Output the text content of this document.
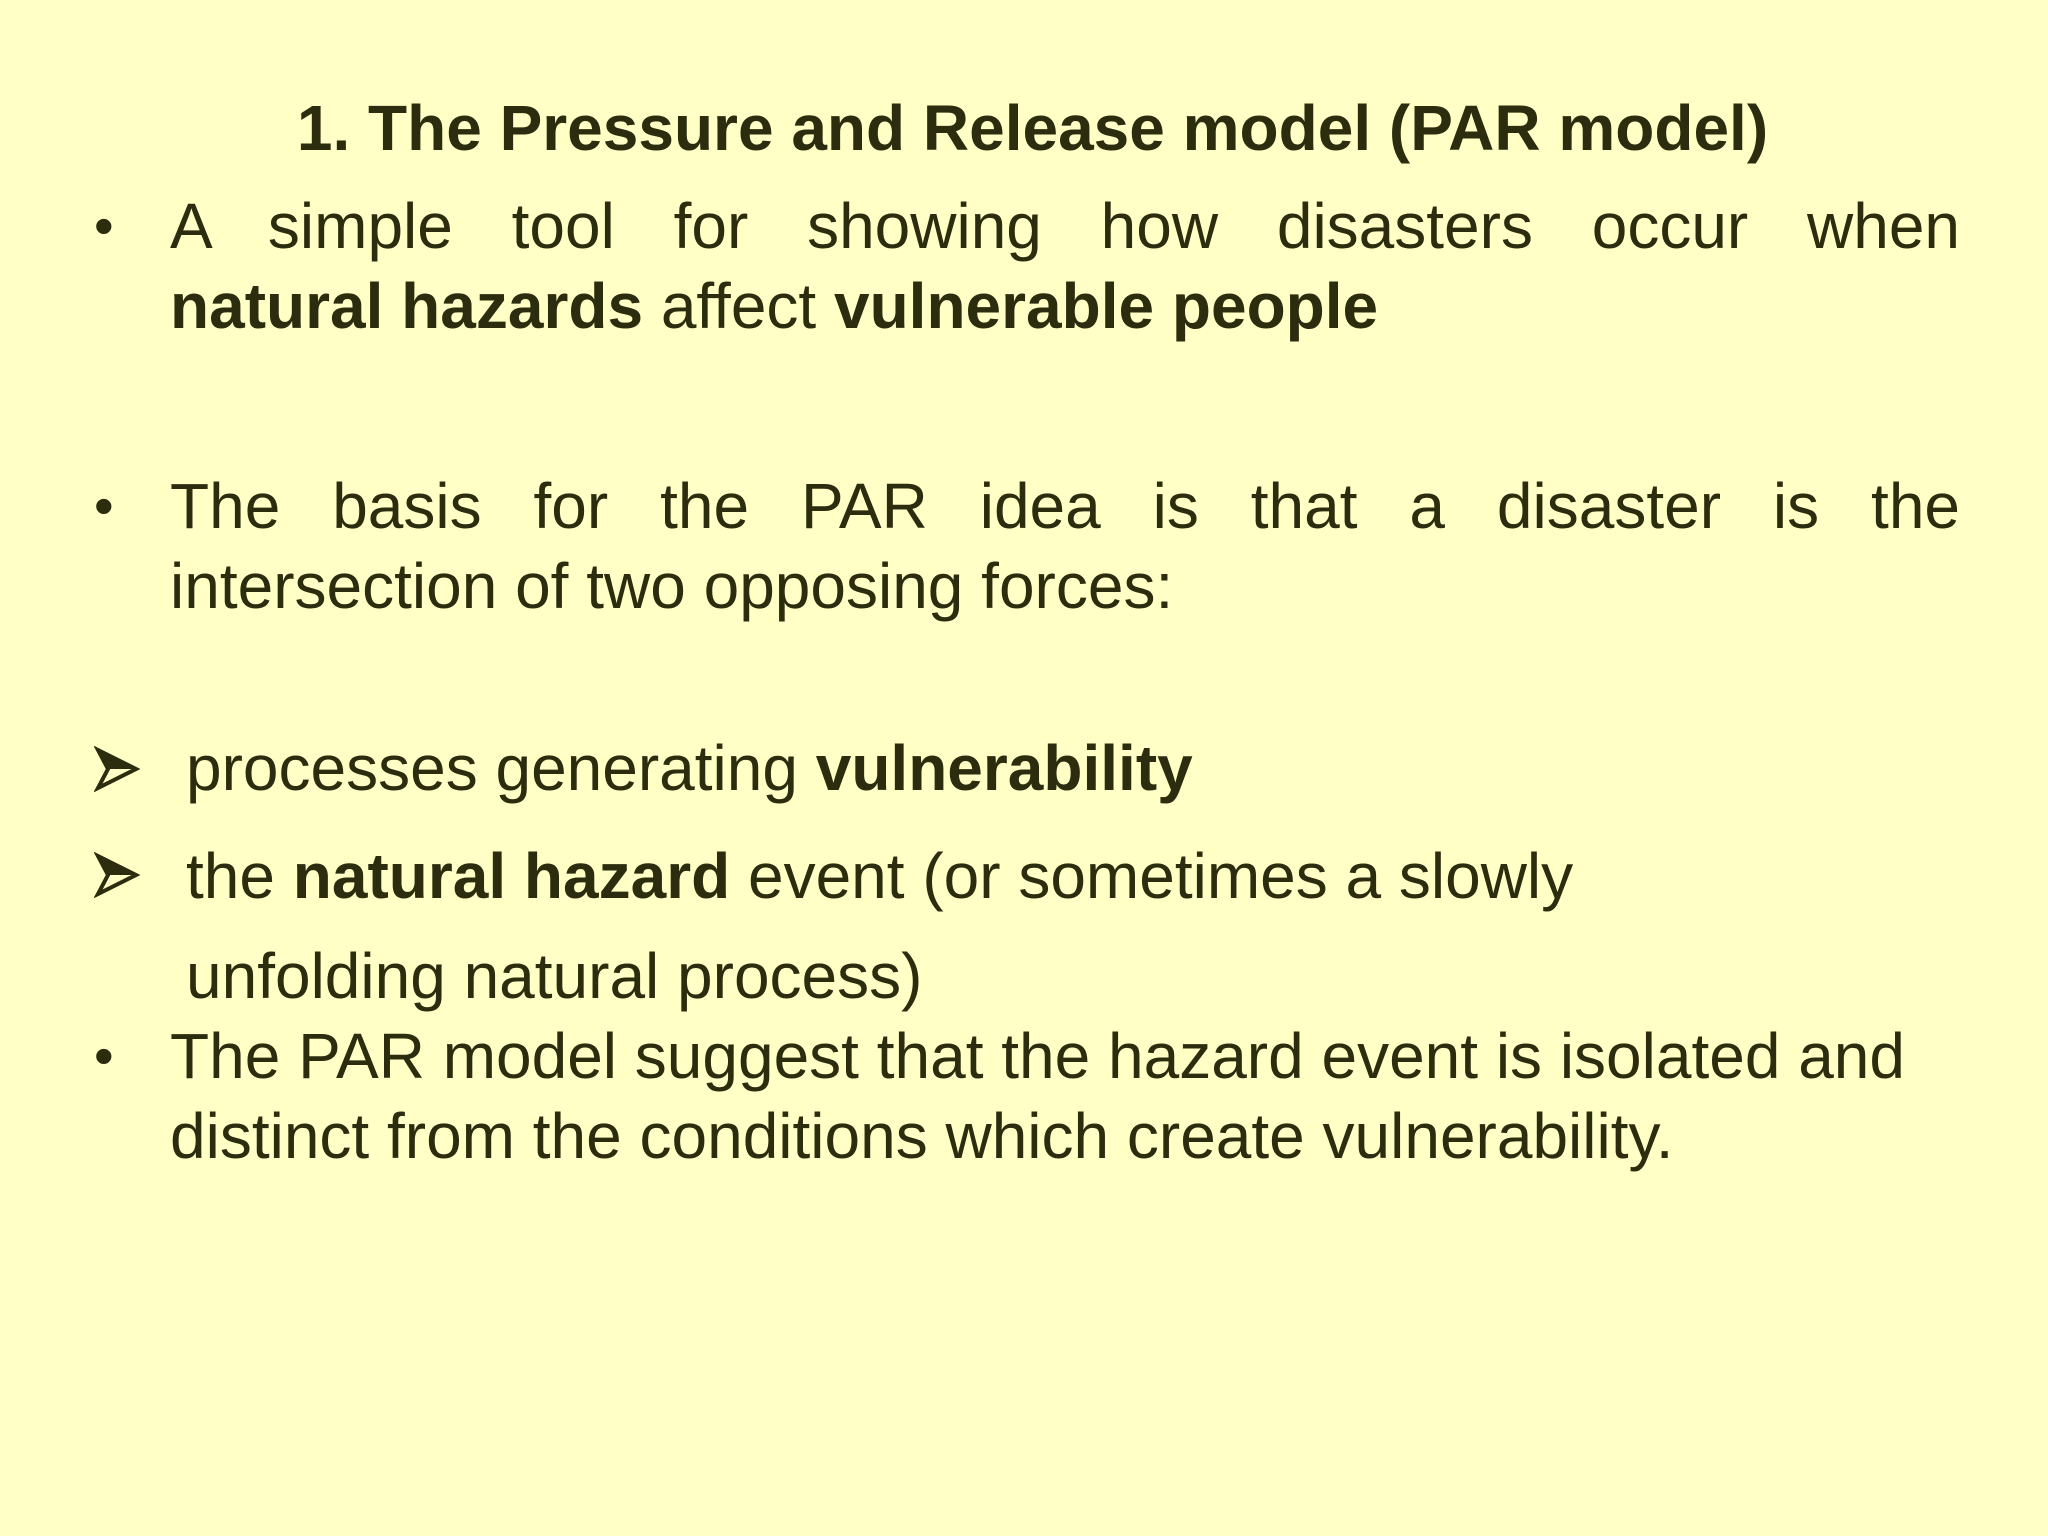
1. The Pressure and Release model (PAR model)
• A simple tool for showing how disasters occur when
natural hazards affect vulnerable people
• The basis for the PAR idea is that a disaster is the
intersection of two opposing forces:
processes generating vulnerability
the natural hazard event (or sometimes a slowly
unfolding natural process)
• The PAR model suggest that the hazard event is isolated and
distinct from the conditions which create vulnerability.
